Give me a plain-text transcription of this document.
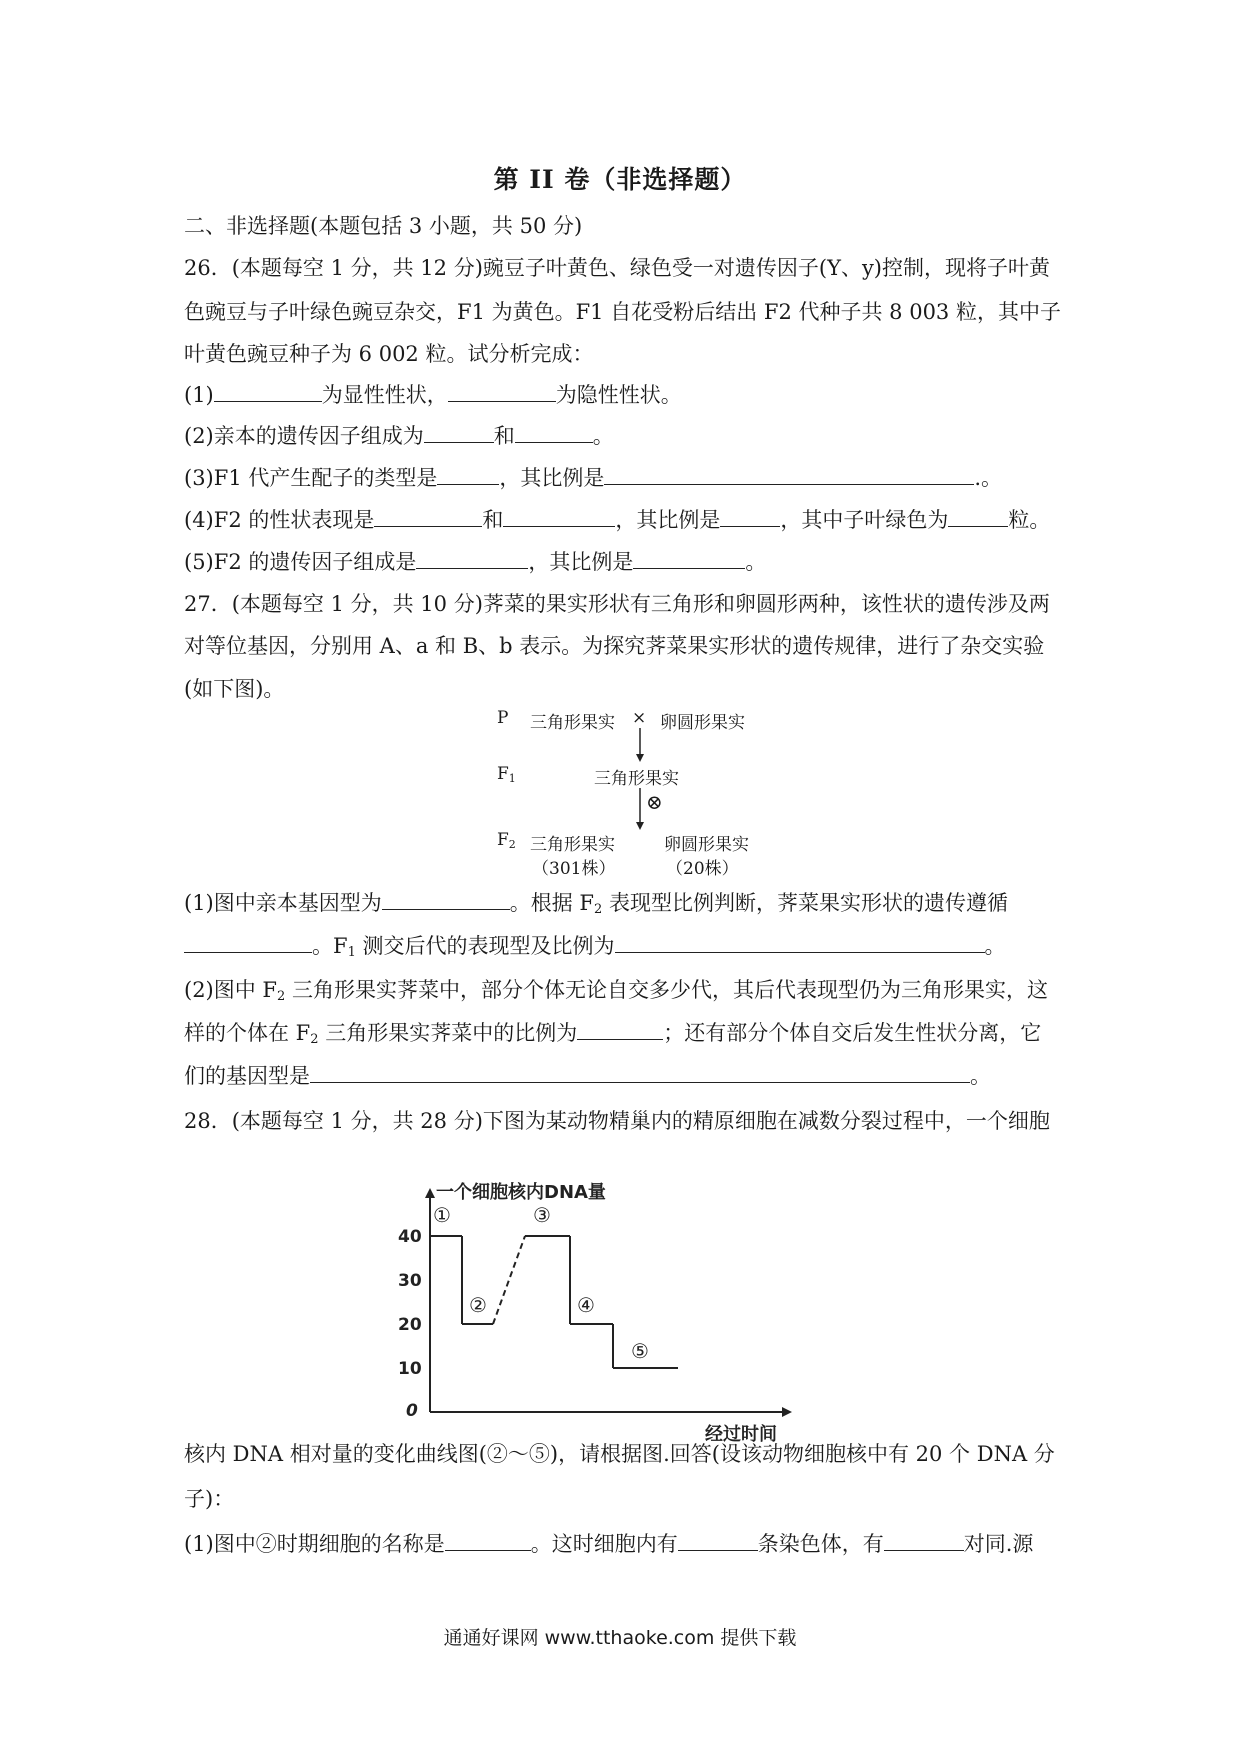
第 II 卷（非选择题）
二、非选择题(本题包括 3 小题，共 50 分)
26．(本题每空 1 分，共 12 分)豌豆子叶黄色、绿色受一对遗传因子(Y、y)控制，现将子叶黄
色豌豆与子叶绿色豌豆杂交，F1 为黄色。F1 自花受粉后结出 F2 代种子共 8 003 粒，其中子
叶黄色豌豆种子为 6 002 粒。试分析完成：
(1)	为显性性状，	为隐性性状。
(2)亲本的遗传因子组成为	和	。
(3)F1 代产生配子的类型是	，其比例是	.。
(4)F2 的性状表现是	和	，其比例是	，其中子叶绿色为	粒。
(5)F2 的遗传因子组成是	，其比例是	。
27．(本题每空 1 分，共 10 分)荠菜的果实形状有三角形和卵圆形两种，该性状的遗传涉及两
对等位基因，分别用 A、a 和 B、b 表示。为探究荠菜果实形状的遗传规律，进行了杂交实验
(如下图)。
P 三角形果实 × 卵圆形果实
$F_1$	三角形果实
⊗
$F_2$ 三角形果实
（301株）
卵圆形果实
（20株）
(1)图中亲本基因型为	。根据 $F_2$ 表现型比例判断，荠菜果实形状的遗传遵循
。$F_1$ 测交后代的表现型及比例为	。
(2)图中 $F_2$ 三角形果实荠菜中，部分个体无论自交多少代，其后代表现型仍为三角形果实，这
样的个体在 $F_2$ 三角形果实荠菜中的比例为	；还有部分个体自交后发生性状分离，它
们的基因型是	。
28．(本题每空 1 分，共 28 分)下图为某动物精巢内的精原细胞在减数分裂过程中，一个细胞
一个细胞核内DNA量
经过时间
0
40
30
20
10
①
②
③
④
⑤
核内 DNA 相对量的变化曲线图(②～⑤)，请根据图.回答(设该动物细胞核中有 20 个 DNA 分
子)：
(1)图中②时期细胞的名称是	。这时细胞内有	条染色体，有	对同.源
通通好课网 www.tthaoke.com 提供下载
